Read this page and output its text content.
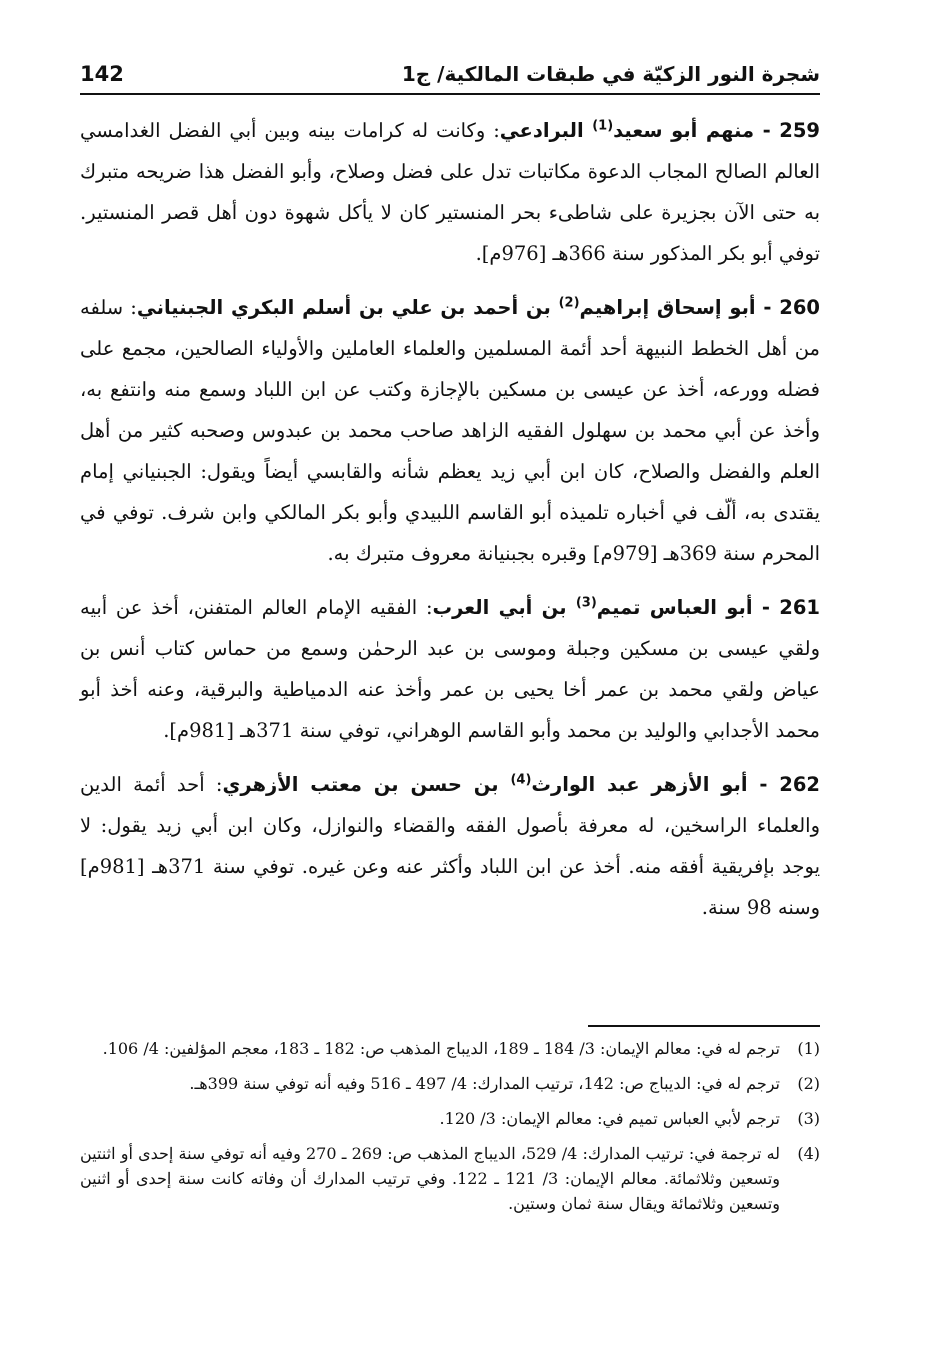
142	شجرة النور الزكيّة في طبقات المالكية/ ج1

259 - منهم أبو سعيد$^{(1)}$ البرادعي: وكانت له كرامات بينه وبين أبي الفضل الغدامسي العالم الصالح المجاب الدعوة مكاتبات تدل على فضل وصلاح، وأبو الفضل هذا ضريحه متبرك به حتى الآن بجزيرة على شاطىء بحر المنستير كان لا يأكل شهوة دون أهل قصر المنستير. توفي أبو بكر المذكور سنة 366هـ [976م].

260 - أبو إسحاق إبراهيم$^{(2)}$ بن أحمد بن علي بن أسلم البكري الجبنياني: سلفه من أهل الخطط النبيهة أحد أئمة المسلمين والعلماء العاملين والأولياء الصالحين، مجمع على فضله وورعه، أخذ عن عيسى بن مسكين بالإجازة وكتب عن ابن اللباد وسمع منه وانتفع به، وأخذ عن أبي محمد بن سهلول الفقيه الزاهد صاحب محمد بن عبدوس وصحبه كثير من أهل العلم والفضل والصلاح، كان ابن أبي زيد يعظم شأنه والقابسي أيضاً ويقول: الجبنياني إمام يقتدى به، ألّف في أخباره تلميذه أبو القاسم اللبيدي وأبو بكر المالكي وابن شرف. توفي في المحرم سنة 369هـ [979م] وقبره بجبنيانة معروف متبرك به.

261 - أبو العباس تميم$^{(3)}$ بن أبي العرب: الفقيه الإمام العالم المتفنن، أخذ عن أبيه ولقي عيسى بن مسكين وجبلة وموسى بن عبد الرحمٰن وسمع من حماس كتاب أنس بن عياض ولقي محمد بن عمر أخا يحيى بن عمر وأخذ عنه الدمياطية والبرقية، وعنه أخذ أبو محمد الأجدابي والوليد بن محمد وأبو القاسم الوهراني، توفي سنة 371هـ [981م].

262 - أبو الأزهر عبد الوارث$^{(4)}$ بن حسن بن معتب الأزهري: أحد أئمة الدين والعلماء الراسخين، له معرفة بأصول الفقه والقضاء والنوازل، وكان ابن أبي زيد يقول: لا يوجد بإفريقية أفقه منه. أخذ عن ابن اللباد وأكثر عنه وعن غيره. توفي سنة 371هـ [981م] وسنه 98 سنة.

(1)
ترجم له في: معالم الإيمان: 3/ 184 ـ 189، الديباج المذهب ص: 182 ـ 183، معجم المؤلفين: 4/ 106.
(2)
ترجم له في: الديباج ص: 142، ترتيب المدارك: 4/ 497 ـ 516 وفيه أنه توفي سنة 399هـ.
(3)
ترجم لأبي العباس تميم في: معالم الإيمان: 3/ 120.
(4)
له ترجمة في: ترتيب المدارك: 4/ 529، الديباج المذهب ص: 269 ـ 270 وفيه أنه توفي سنة إحدى أو اثنتين وتسعين وثلاثمائة. معالم الإيمان: 3/ 121 ـ 122. وفي ترتيب المدارك أن وفاته كانت سنة إحدى أو اثنين وتسعين وثلاثمائة ويقال سنة ثمان وستين.
